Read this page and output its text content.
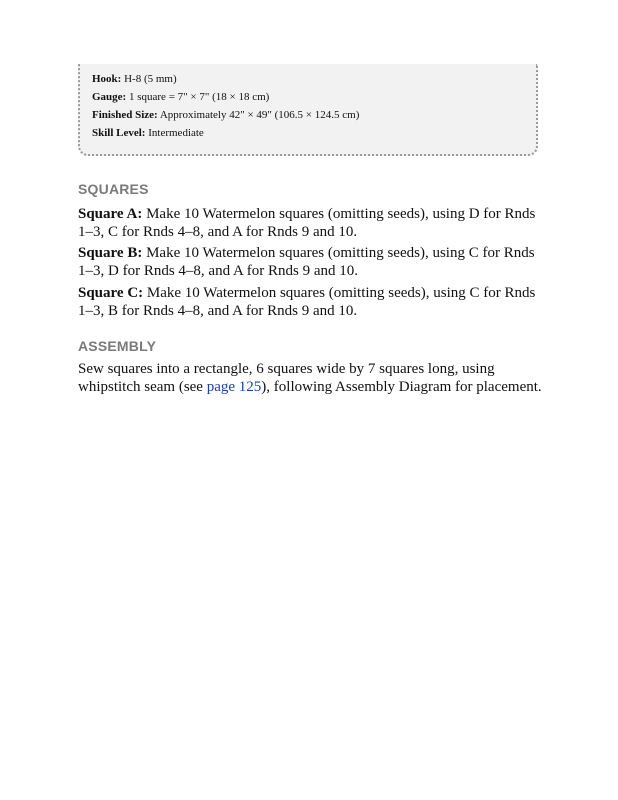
Hook: H-8 (5 mm)
Gauge: 1 square = 7" × 7" (18 × 18 cm)
Finished Size: Approximately 42" × 49" (106.5 × 124.5 cm)
Skill Level: Intermediate
SQUARES
Square A: Make 10 Watermelon squares (omitting seeds), using D for Rnds
1–3, C for Rnds 4–8, and A for Rnds 9 and 10.
Square B: Make 10 Watermelon squares (omitting seeds), using C for Rnds
1–3, D for Rnds 4–8, and A for Rnds 9 and 10.
Square C: Make 10 Watermelon squares (omitting seeds), using C for Rnds
1–3, B for Rnds 4–8, and A for Rnds 9 and 10.
ASSEMBLY
Sew squares into a rectangle, 6 squares wide by 7 squares long, using
whipstitch seam (see page 125), following Assembly Diagram for placement.
